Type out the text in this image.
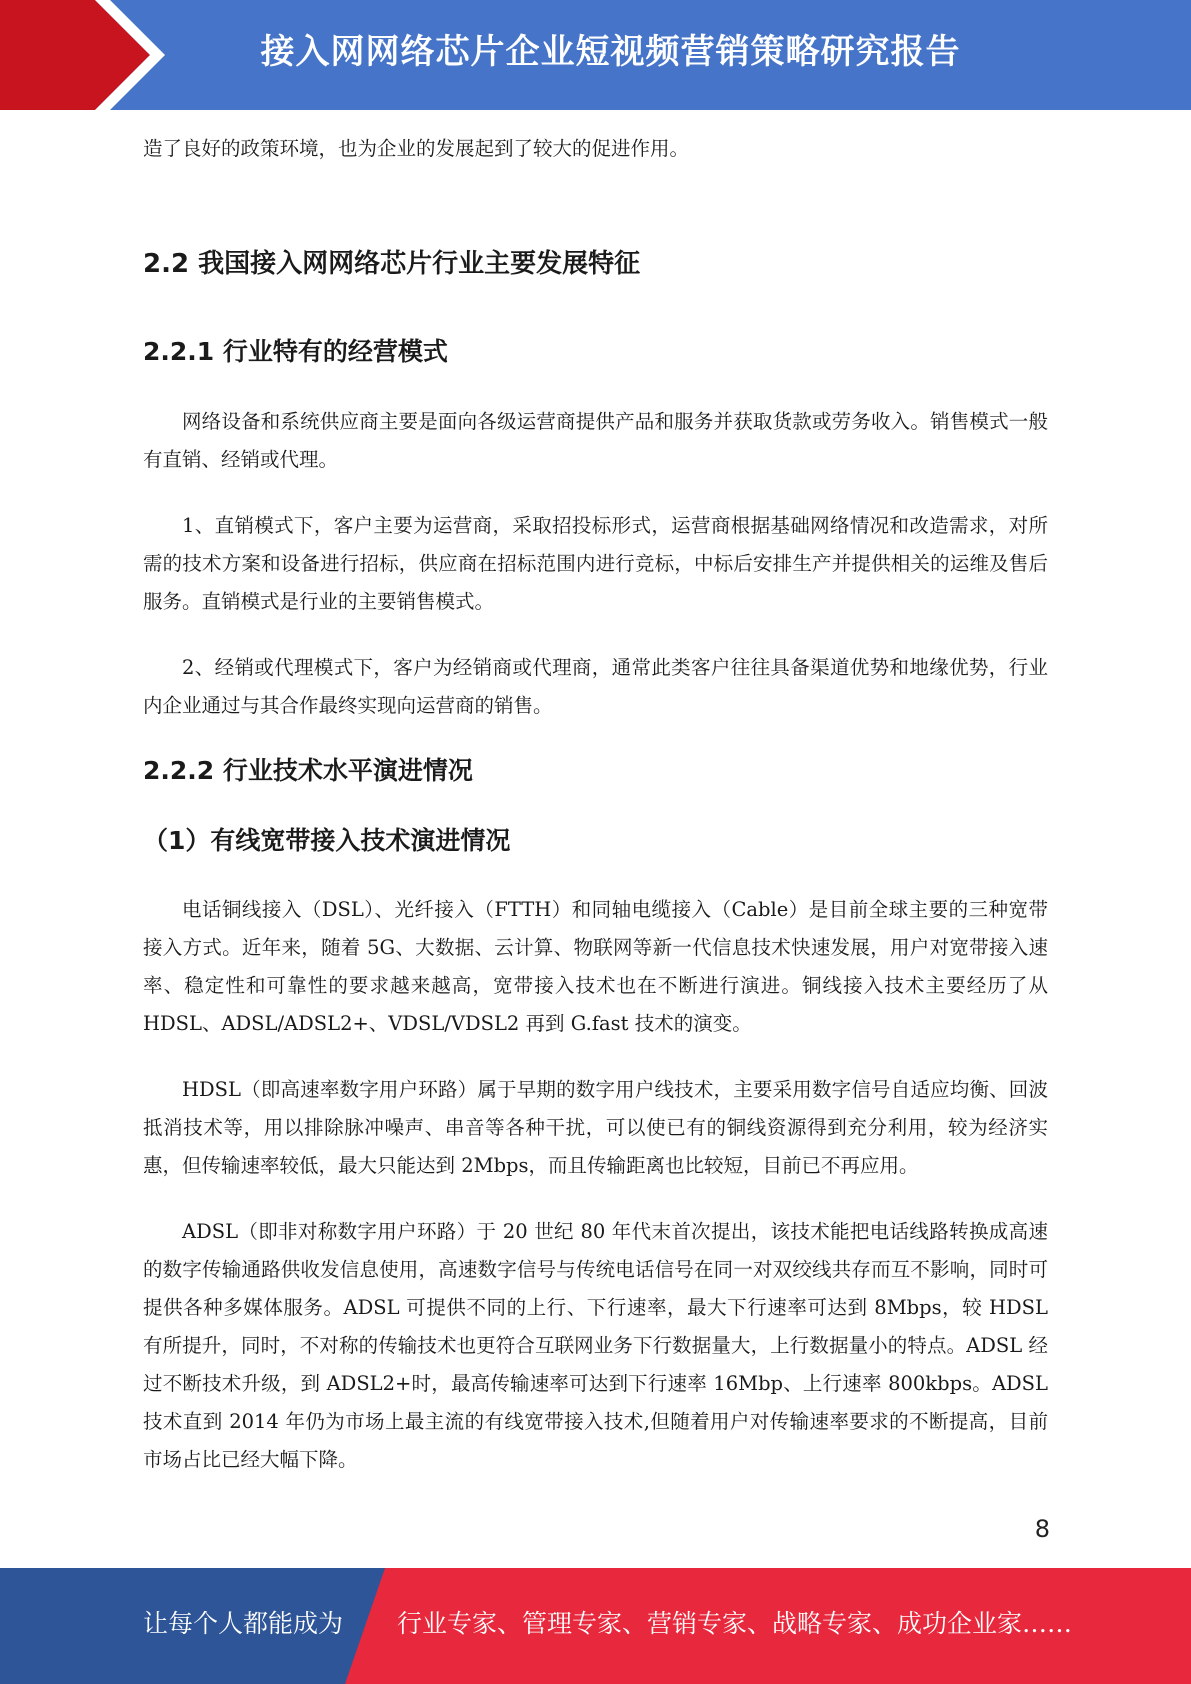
接入网网络芯片企业短视频营销策略研究报告

造了良好的政策环境，也为企业的发展起到了较大的促进作用。

2.2 我国接入网网络芯片行业主要发展特征
2.2.1 行业特有的经营模式

网络设备和系统供应商主要是面向各级运营商提供产品和服务并获取货款或劳务收入。销售模式一般有直销、经销或代理。

1、直销模式下，客户主要为运营商，采取招投标形式，运营商根据基础网络情况和改造需求，对所需的技术方案和设备进行招标，供应商在招标范围内进行竞标，中标后安排生产并提供相关的运维及售后服务。直销模式是行业的主要销售模式。

2、经销或代理模式下，客户为经销商或代理商，通常此类客户往往具备渠道优势和地缘优势，行业内企业通过与其合作最终实现向运营商的销售。

2.2.2 行业技术水平演进情况
（1）有线宽带接入技术演进情况

电话铜线接入（DSL）、光纤接入（FTTH）和同轴电缆接入（Cable）是目前全球主要的三种宽带接入方式。近年来，随着 5G、大数据、云计算、物联网等新一代信息技术快速发展，用户对宽带接入速率、稳定性和可靠性的要求越来越高，宽带接入技术也在不断进行演进。铜线接入技术主要经历了从 HDSL、ADSL/ADSL2+、VDSL/VDSL2 再到 G.fast 技术的演变。

HDSL（即高速率数字用户环路）属于早期的数字用户线技术，主要采用数字信号自适应均衡、回波抵消技术等，用以排除脉冲噪声、串音等各种干扰，可以使已有的铜线资源得到充分利用，较为经济实惠，但传输速率较低，最大只能达到 2Mbps，而且传输距离也比较短，目前已不再应用。

ADSL（即非对称数字用户环路）于 20 世纪 80 年代末首次提出，该技术能把电话线路转换成高速的数字传输通路供收发信息使用，高速数字信号与传统电话信号在同一对双绞线共存而互不影响，同时可提供各种多媒体服务。ADSL 可提供不同的上行、下行速率，最大下行速率可达到 8Mbps，较 HDSL 有所提升，同时，不对称的传输技术也更符合互联网业务下行数据量大，上行数据量小的特点。ADSL 经过不断技术升级，到 ADSL2+时，最高传输速率可达到下行速率 16Mbp、上行速率 800kbps。ADSL 技术直到 2014 年仍为市场上最主流的有线宽带接入技术,但随着用户对传输速率要求的不断提高，目前市场占比已经大幅下降。

8
让每个人都能成为 行业专家、管理专家、营销专家、战略专家、成功企业家……
